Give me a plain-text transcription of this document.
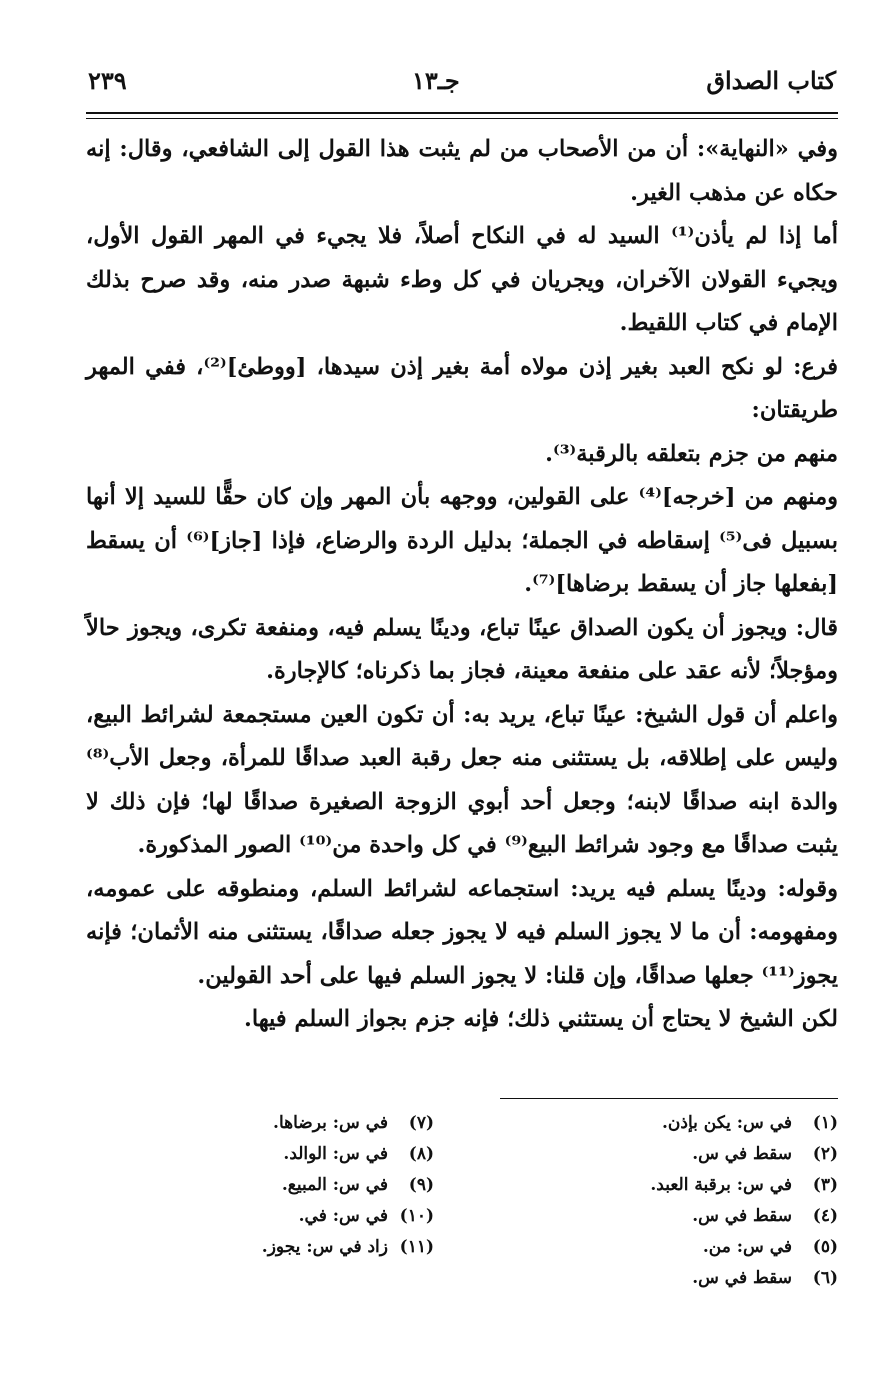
كتاب الصداق
جـ١٣
٢٣٩

وفي «النهاية»: أن من الأصحاب من لم يثبت هذا القول إلى الشافعي، وقال: إنه حكاه عن مذهب الغير.

أما إذا لم يأذن⁽¹⁾ السيد له في النكاح أصلاً، فلا يجيء في المهر القول الأول، ويجيء القولان الآخران، ويجريان في كل وطء شبهة صدر منه، وقد صرح بذلك الإمام في كتاب اللقيط.

فرع: لو نكح العبد بغير إذن مولاه أمة بغير إذن سيدها، [ووطئ]⁽²⁾، ففي المهر طريقتان:

منهم من جزم بتعلقه بالرقبة⁽³⁾.

ومنهم من [خرجه]⁽⁴⁾ على القولين، ووجهه بأن المهر وإن كان حقًّا للسيد إلا أنها بسبيل فى⁽⁵⁾ إسقاطه في الجملة؛ بدليل الردة والرضاع، فإذا [جاز]⁽⁶⁾ أن يسقط [بفعلها جاز أن يسقط برضاها]⁽⁷⁾.

قال: ويجوز أن يكون الصداق عينًا تباع، ودينًا يسلم فيه، ومنفعة تكرى، ويجوز حالاً ومؤجلاً؛ لأنه عقد على منفعة معينة، فجاز بما ذكرناه؛ كالإجارة.

واعلم أن قول الشيخ: عينًا تباع، يريد به: أن تكون العين مستجمعة لشرائط البيع، وليس على إطلاقه، بل يستثنى منه جعل رقبة العبد صداقًا للمرأة، وجعل الأب⁽⁸⁾ والدة ابنه صداقًا لابنه؛ وجعل أحد أبوي الزوجة الصغيرة صداقًا لها؛ فإن ذلك لا يثبت صداقًا مع وجود شرائط البيع⁽⁹⁾ في كل واحدة من⁽¹⁰⁾ الصور المذكورة.

وقوله: ودينًا يسلم فيه يريد: استجماعه لشرائط السلم، ومنطوقه على عمومه، ومفهومه: أن ما لا يجوز السلم فيه لا يجوز جعله صداقًا، يستثنى منه الأثمان؛ فإنه يجوز⁽¹¹⁾ جعلها صداقًا، وإن قلنا: لا يجوز السلم فيها على أحد القولين.

لكن الشيخ لا يحتاج أن يستثني ذلك؛ فإنه جزم بجواز السلم فيها.

(١)في س: يكن بإذن.
(٢)سقط في س.
(٣)في س: برقبة العبد.
(٤)سقط في س.
(٥)في س: من.
(٦)سقط في س.
(٧)في س: برضاها.
(٨)في س: الوالد.
(٩)في س: المبيع.
(١٠)في س: في.
(١١)زاد في س: يجوز.
